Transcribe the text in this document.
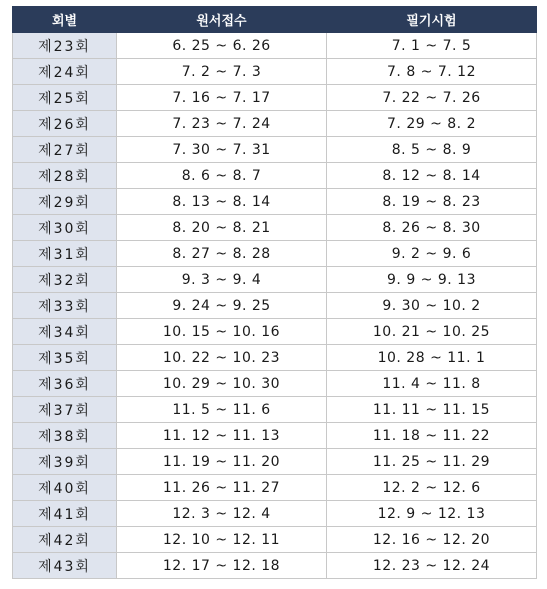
회별	원서접수	필기시험
제23회	6. 25 ~ 6. 26	7. 1 ~ 7. 5
제24회	7. 2 ~ 7. 3	7. 8 ~ 7. 12
제25회	7. 16 ~ 7. 17	7. 22 ~ 7. 26
제26회	7. 23 ~ 7. 24	7. 29 ~ 8. 2
제27회	7. 30 ~ 7. 31	8. 5 ~ 8. 9
제28회	8. 6 ~ 8. 7	8. 12 ~ 8. 14
제29회	8. 13 ~ 8. 14	8. 19 ~ 8. 23
제30회	8. 20 ~ 8. 21	8. 26 ~ 8. 30
제31회	8. 27 ~ 8. 28	9. 2 ~ 9. 6
제32회	9. 3 ~ 9. 4	9. 9 ~ 9. 13
제33회	9. 24 ~ 9. 25	9. 30 ~ 10. 2
제34회	10. 15 ~ 10. 16	10. 21 ~ 10. 25
제35회	10. 22 ~ 10. 23	10. 28 ~ 11. 1
제36회	10. 29 ~ 10. 30	11. 4 ~ 11. 8
제37회	11. 5 ~ 11. 6	11. 11 ~ 11. 15
제38회	11. 12 ~ 11. 13	11. 18 ~ 11. 22
제39회	11. 19 ~ 11. 20	11. 25 ~ 11. 29
제40회	11. 26 ~ 11. 27	12. 2 ~ 12. 6
제41회	12. 3 ~ 12. 4	12. 9 ~ 12. 13
제42회	12. 10 ~ 12. 11	12. 16 ~ 12. 20
제43회	12. 17 ~ 12. 18	12. 23 ~ 12. 24
